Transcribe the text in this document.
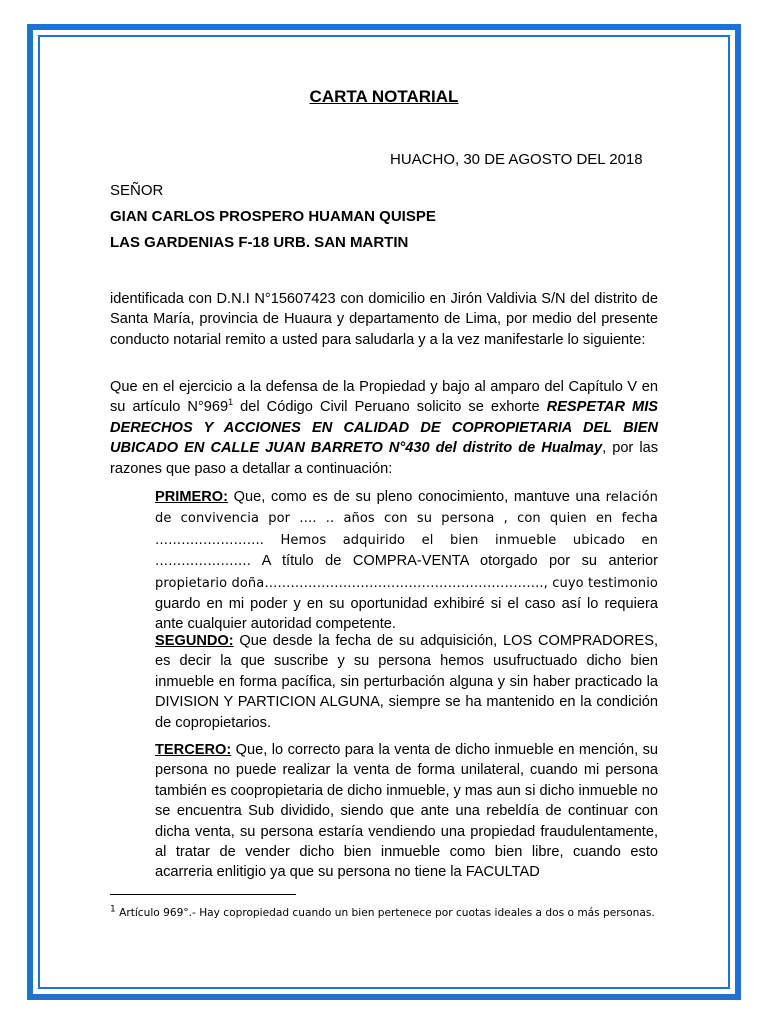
CARTA NOTARIAL
HUACHO, 30 DE AGOSTO DEL 2018
SEÑOR
GIAN CARLOS PROSPERO HUAMAN QUISPE
LAS GARDENIAS F-18 URB. SAN MARTIN
identificada con D.N.I N°15607423 con domicilio en Jirón Valdivia S/N del distrito de Santa María, provincia de Huaura y departamento de Lima, por medio del presente conducto notarial remito a usted para saludarla y a la vez manifestarle lo siguiente:
Que en el ejercicio a la defensa de la Propiedad y bajo al amparo del Capítulo V en su artículo $N^\circ 969^1$ del Código Civil Peruano solicito se exhorte RESPETAR MIS DERECHOS Y ACCIONES EN CALIDAD DE COPROPIETARIA DEL BIEN UBICADO EN CALLE JUAN BARRETO N°430 del distrito de Hualmay, por las razones que paso a detallar a continuación:
PRIMERO: Que, como es de su pleno conocimiento, mantuve una relación de convivencia por …. .. años con su persona , con quien en fecha ……………………. Hemos adquirido el bien inmueble ubicado en …………………. A título de COMPRA-VENTA otorgado por su anterior propietario doña………………………………………………………., cuyo testimonio guardo en mi poder y en su oportunidad exhibiré si el caso así lo requiera ante cualquier autoridad competente.
SEGUNDO: Que desde la fecha de su adquisición, LOS COMPRADORES, es decir la que suscribe y su persona hemos usufructuado dicho bien inmueble en forma pacífica, sin perturbación alguna y sin haber practicado la DIVISION Y PARTICION ALGUNA, siempre se ha mantenido en la condición de copropietarios.
TERCERO: Que, lo correcto para la venta de dicho inmueble en mención, su persona no puede realizar la venta de forma unilateral, cuando mi persona también es coopropietaria de dicho inmueble, y mas aun si dicho inmueble no se encuentra Sub dividido, siendo que ante una rebeldía de continuar con dicha venta, su persona estaría vendiendo una propiedad fraudulentamente, al tratar de vender dicho bien inmueble como bien libre, cuando esto acarreria enlitigio ya que su persona no tiene la FACULTAD
$^1$ Artículo 969°.- Hay copropiedad cuando un bien pertenece por cuotas ideales a dos o más personas.
